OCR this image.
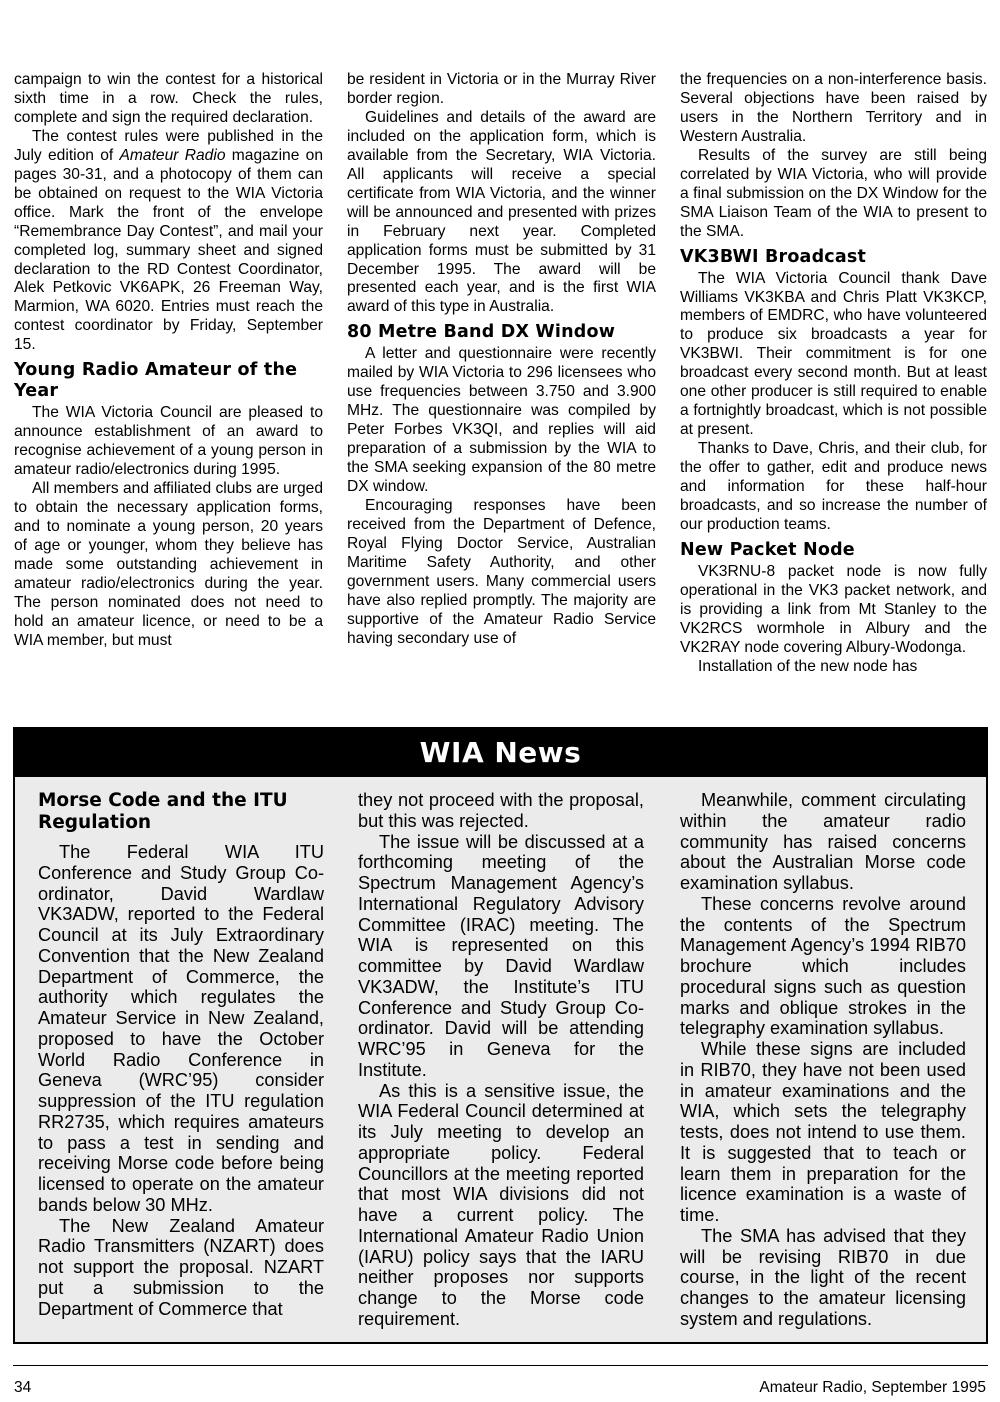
campaign to win the contest for a historical sixth time in a row. Check the rules, complete and sign the required declaration.

The contest rules were published in the July edition of Amateur Radio magazine on pages 30-31, and a photocopy of them can be obtained on request to the WIA Victoria office. Mark the front of the envelope “Remembrance Day Contest”, and mail your completed log, summary sheet and signed declaration to the RD Contest Coordinator, Alek Petkovic VK6APK, 26 Freeman Way, Marmion, WA 6020. Entries must reach the contest coordinator by Friday, September 15.

Young Radio Amateur of the Year

The WIA Victoria Council are pleased to announce establishment of an award to recognise achievement of a young person in amateur radio/electronics during 1995.

All members and affiliated clubs are urged to obtain the necessary application forms, and to nominate a young person, 20 years of age or younger, whom they believe has made some outstanding achievement in amateur radio/electronics during the year. The person nominated does not need to hold an amateur licence, or need to be a WIA member, but must

be resident in Victoria or in the Murray River border region.

Guidelines and details of the award are included on the application form, which is available from the Secretary, WIA Victoria. All applicants will receive a special certificate from WIA Victoria, and the winner will be announced and presented with prizes in February next year. Completed application forms must be submitted by 31 December 1995. The award will be presented each year, and is the first WIA award of this type in Australia.

80 Metre Band DX Window

A letter and questionnaire were recently mailed by WIA Victoria to 296 licensees who use frequencies between 3.750 and 3.900 MHz. The questionnaire was compiled by Peter Forbes VK3QI, and replies will aid preparation of a submission by the WIA to the SMA seeking expansion of the 80 metre DX window.

Encouraging responses have been received from the Department of Defence, Royal Flying Doctor Service, Australian Maritime Safety Authority, and other government users. Many commercial users have also replied promptly. The majority are supportive of the Amateur Radio Service having secondary use of

the frequencies on a non-interference basis. Several objections have been raised by users in the Northern Territory and in Western Australia.

Results of the survey are still being correlated by WIA Victoria, who will provide a final submission on the DX Window for the SMA Liaison Team of the WIA to present to the SMA.

VK3BWI Broadcast

The WIA Victoria Council thank Dave Williams VK3KBA and Chris Platt VK3KCP, members of EMDRC, who have volunteered to produce six broadcasts a year for VK3BWI. Their commitment is for one broadcast every second month. But at least one other producer is still required to enable a fortnightly broadcast, which is not possible at present.

Thanks to Dave, Chris, and their club, for the offer to gather, edit and produce news and information for these half-hour broadcasts, and so increase the number of our production teams.

New Packet Node

VK3RNU-8 packet node is now fully operational in the VK3 packet network, and is providing a link from Mt Stanley to the VK2RCS wormhole in Albury and the VK2RAY node covering Albury-Wodonga.

Installation of the new node has

WIA News
Morse Code and the ITU Regulation

The Federal WIA ITU Conference and Study Group Co-ordinator, David Wardlaw VK3ADW, reported to the Federal Council at its July Extraordinary Convention that the New Zealand Department of Commerce, the authority which regulates the Amateur Service in New Zealand, proposed to have the October World Radio Conference in Geneva (WRC’95) consider suppression of the ITU regulation RR2735, which requires amateurs to pass a test in sending and receiving Morse code before being licensed to operate on the amateur bands below 30 MHz.

The New Zealand Amateur Radio Transmitters (NZART) does not support the proposal. NZART put a submission to the Department of Commerce that

they not proceed with the proposal, but this was rejected.

The issue will be discussed at a forthcoming meeting of the Spectrum Management Agency’s International Regulatory Advisory Committee (IRAC) meeting. The WIA is represented on this committee by David Wardlaw VK3ADW, the Institute’s ITU Conference and Study Group Co-ordinator. David will be attending WRC’95 in Geneva for the Institute.

As this is a sensitive issue, the WIA Federal Council determined at its July meeting to develop an appropriate policy. Federal Councillors at the meeting reported that most WIA divisions did not have a current policy. The International Amateur Radio Union (IARU) policy says that the IARU neither proposes nor supports change to the Morse code requirement.

Meanwhile, comment circulating within the amateur radio community has raised concerns about the Australian Morse code examination syllabus.

These concerns revolve around the contents of the Spectrum Management Agency’s 1994 RIB70 brochure which includes procedural signs such as question marks and oblique strokes in the telegraphy examination syllabus.

While these signs are included in RIB70, they have not been used in amateur examinations and the WIA, which sets the telegraphy tests, does not intend to use them. It is suggested that to teach or learn them in preparation for the licence examination is a waste of time.

The SMA has advised that they will be revising RIB70 in due course, in the light of the recent changes to the amateur licensing system and regulations.

34	Amateur Radio, September 1995
